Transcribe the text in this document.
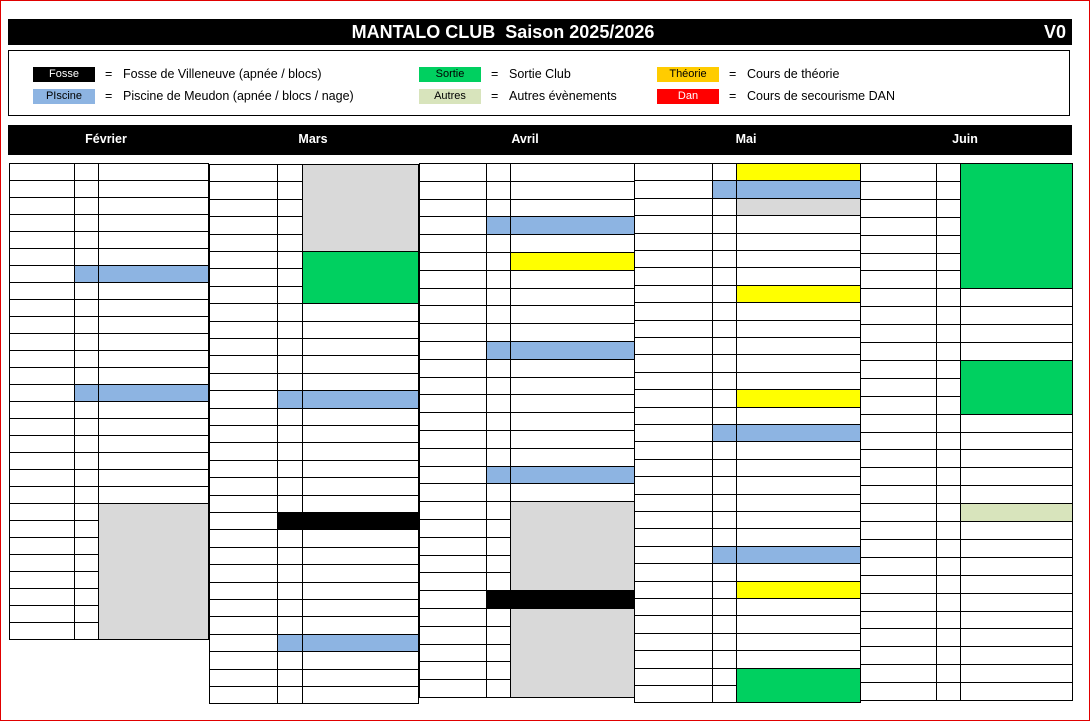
MANTALO CLUB  Saison 2025/2026	V0
Fosse	= Fosse de Villeneuve (apnée / blocs)
PIscine	= Piscine de Meudon (apnée / blocs / nage)
Sortie	= Sortie Club
Autres	= Autres évènements
Théorie	= Cours de théorie
Dan	= Cours de secourisme DAN
Février	Mars	Avril	Mai	Juin
